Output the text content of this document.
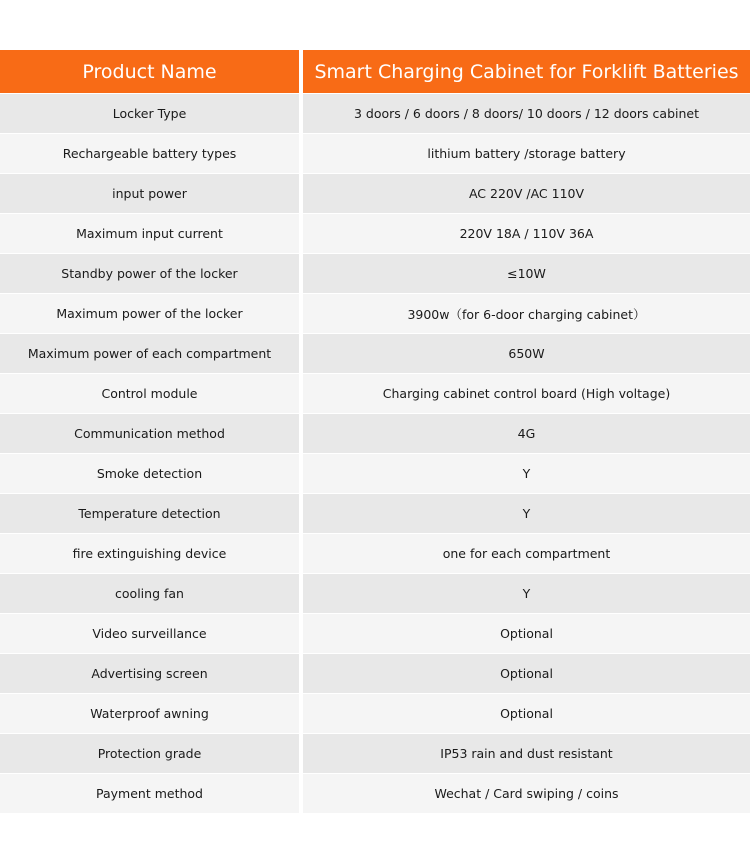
Product Name	Smart Charging Cabinet for Forklift Batteries
Locker Type	3 doors / 6 doors / 8 doors/ 10 doors / 12 doors cabinet
Rechargeable battery types	lithium battery /storage battery
input power	AC 220V /AC 110V
Maximum input current	220V 18A / 110V 36A
Standby power of the locker	≤10W
Maximum power of the locker	3900w（for 6-door charging cabinet）
Maximum power of each compartment	650W
Control module	Charging cabinet control board (High voltage)
Communication method	4G
Smoke detection	Y
Temperature detection	Y
fire extinguishing device	one for each compartment
cooling fan	Y
Video surveillance	Optional
Advertising screen	Optional
Waterproof awning	Optional
Protection grade	IP53 rain and dust resistant
Payment method	Wechat / Card swiping / coins
